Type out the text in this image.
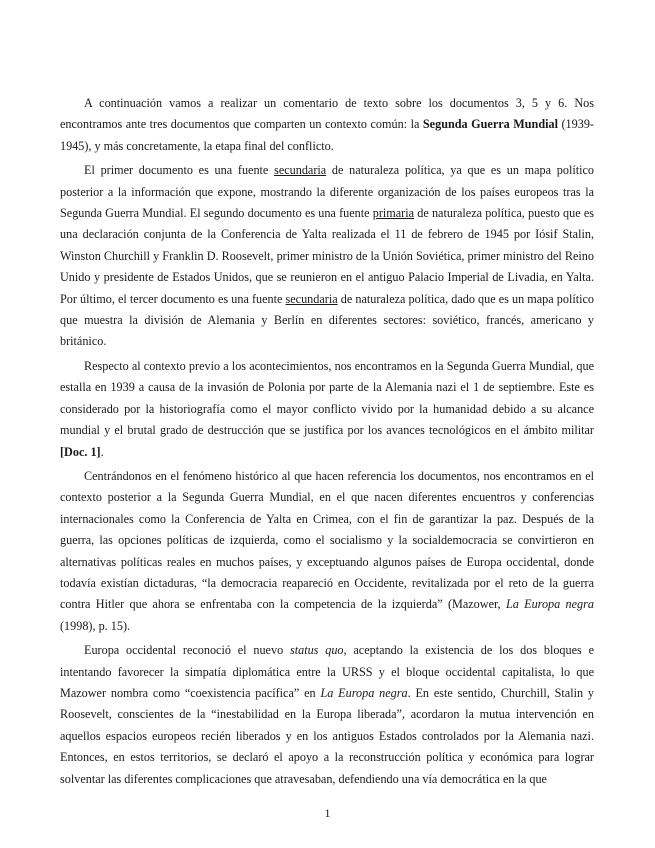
A continuación vamos a realizar un comentario de texto sobre los documentos 3, 5 y 6. Nos encontramos ante tres documentos que comparten un contexto común: la Segunda Guerra Mundial (1939-1945), y más concretamente, la etapa final del conflicto.

El primer documento es una fuente secundaria de naturaleza política, ya que es un mapa político posterior a la información que expone, mostrando la diferente organización de los países europeos tras la Segunda Guerra Mundial. El segundo documento es una fuente primaria de naturaleza política, puesto que es una declaración conjunta de la Conferencia de Yalta realizada el 11 de febrero de 1945 por Iósif Stalin, Winston Churchill y Franklin D. Roosevelt, primer ministro de la Unión Soviética, primer ministro del Reino Unido y presidente de Estados Unidos, que se reunieron en el antiguo Palacio Imperial de Livadia, en Yalta. Por último, el tercer documento es una fuente secundaria de naturaleza política, dado que es un mapa político que muestra la división de Alemania y Berlín en diferentes sectores: soviético, francés, americano y británico.

Respecto al contexto previo a los acontecimientos, nos encontramos en la Segunda Guerra Mundial, que estalla en 1939 a causa de la invasión de Polonia por parte de la Alemania nazi el 1 de septiembre. Este es considerado por la historiografía como el mayor conflicto vivido por la humanidad debido a su alcance mundial y el brutal grado de destrucción que se justifica por los avances tecnológicos en el ámbito militar [Doc. 1].

Centrándonos en el fenómeno histórico al que hacen referencia los documentos, nos encontramos en el contexto posterior a la Segunda Guerra Mundial, en el que nacen diferentes encuentros y conferencias internacionales como la Conferencia de Yalta en Crimea, con el fin de garantizar la paz. Después de la guerra, las opciones políticas de izquierda, como el socialismo y la socialdemocracia se convirtieron en alternativas políticas reales en muchos países, y exceptuando algunos países de Europa occidental, donde todavía existían dictaduras, “la democracia reapareció en Occidente, revitalizada por el reto de la guerra contra Hitler que ahora se enfrentaba con la competencia de la izquierda” (Mazower, La Europa negra (1998), p. 15).

Europa occidental reconoció el nuevo status quo, aceptando la existencia de los dos bloques e intentando favorecer la simpatía diplomática entre la URSS y el bloque occidental capitalista, lo que Mazower nombra como “coexistencia pacífica” en La Europa negra. En este sentido, Churchill, Stalin y Roosevelt, conscientes de la “inestabilidad en la Europa liberada”, acordaron la mutua intervención en aquellos espacios europeos recién liberados y en los antiguos Estados controlados por la Alemania nazi. Entonces, en estos territorios, se declaró el apoyo a la reconstrucción política y económica para lograr solventar las diferentes complicaciones que atravesaban, defendiendo una vía democrática en la que

1
